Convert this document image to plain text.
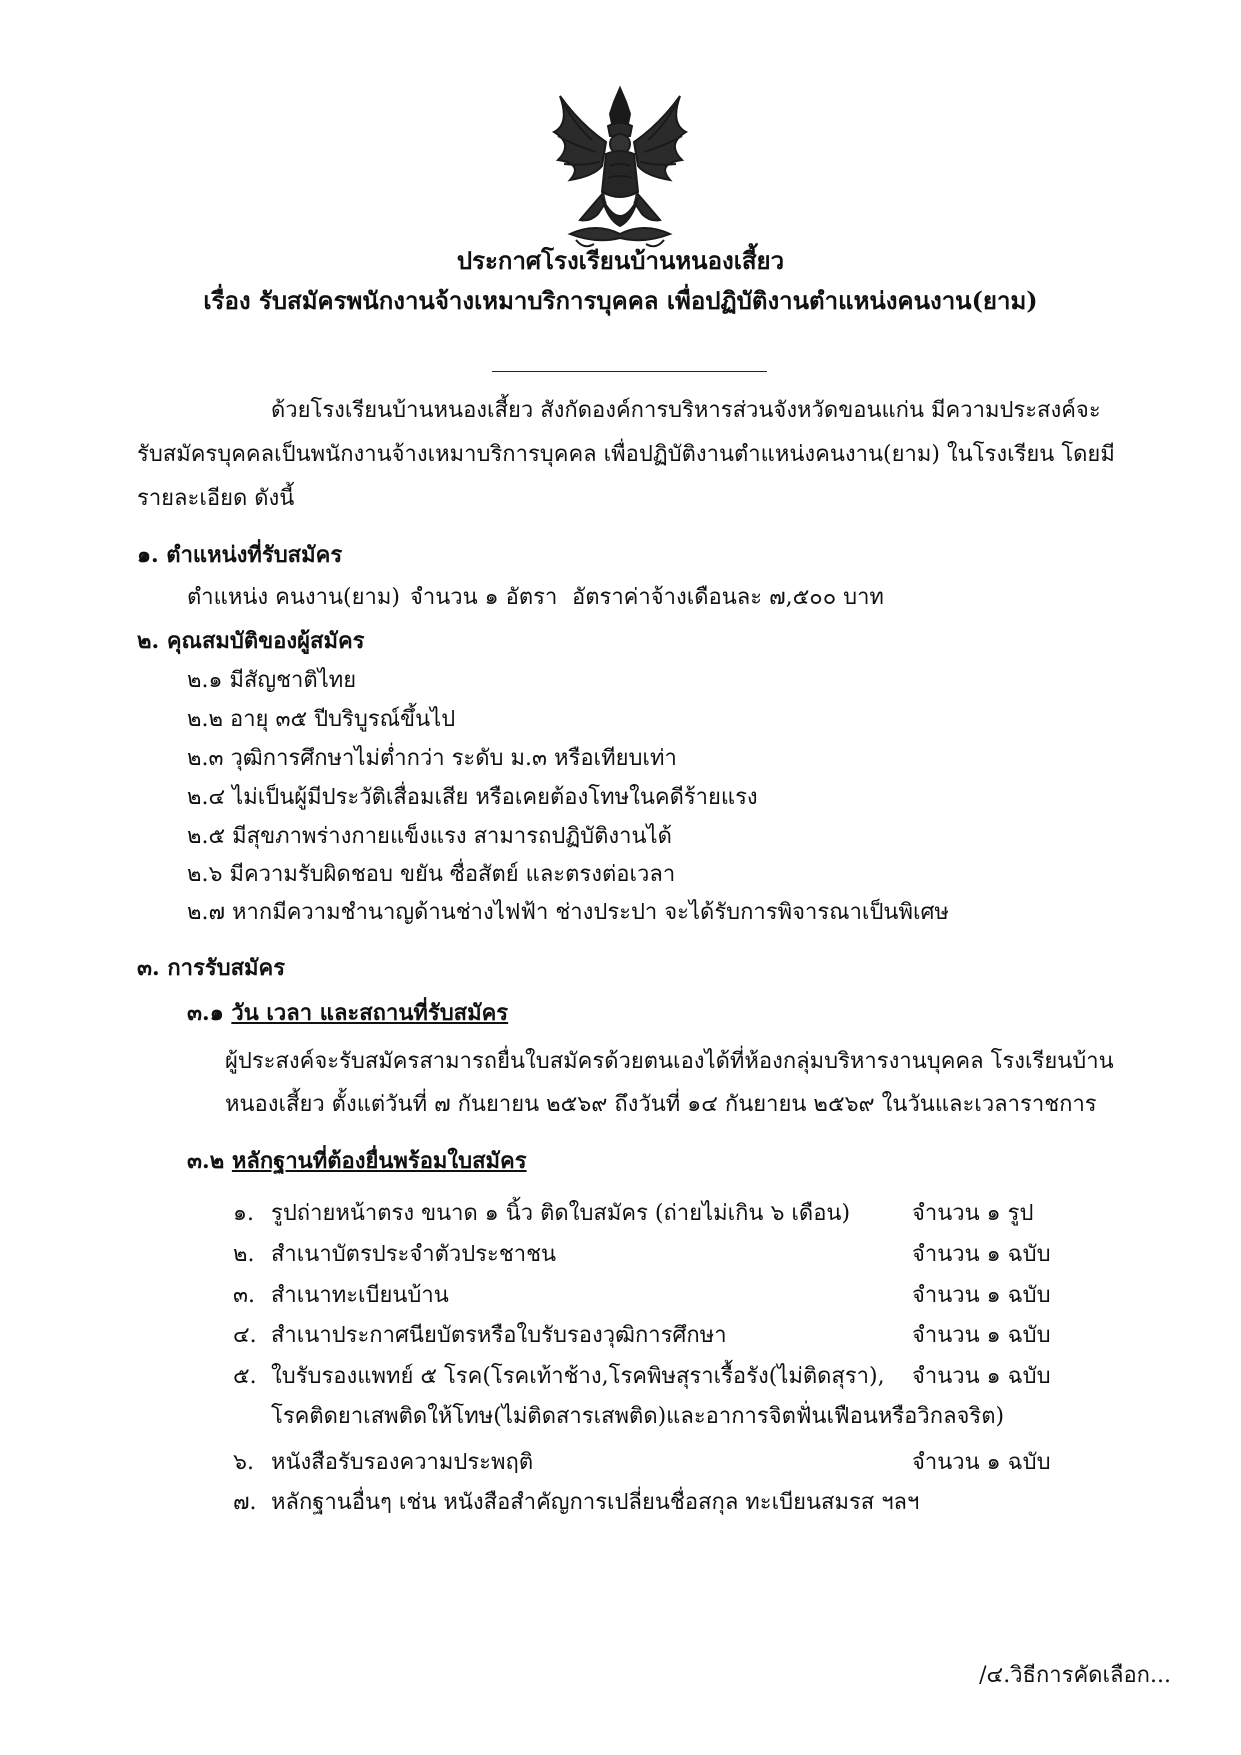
ประกาศโรงเรียนบ้านหนองเสี้ยว
เรื่อง รับสมัครพนักงานจ้างเหมาบริการบุคคล เพื่อปฏิบัติงานตำแหน่งคนงาน(ยาม)
ด้วยโรงเรียนบ้านหนองเสี้ยว สังกัดองค์การบริหารส่วนจังหวัดขอนแก่น มีความประสงค์จะ
รับสมัครบุคคลเป็นพนักงานจ้างเหมาบริการบุคคล เพื่อปฏิบัติงานตำแหน่งคนงาน(ยาม) ในโรงเรียน โดยมี
รายละเอียด ดังนี้
๑. ตำแหน่งที่รับสมัคร
ตำแหน่ง คนงาน(ยาม) จำนวน ๑ อัตรา อัตราค่าจ้างเดือนละ ๗,๕๐๐ บาท
๒. คุณสมบัติของผู้สมัคร
๒.๑ มีสัญชาติไทย
๒.๒ อายุ ๓๕ ปีบริบูรณ์ขึ้นไป
๒.๓ วุฒิการศึกษาไม่ต่ำกว่า ระดับ ม.๓ หรือเทียบเท่า
๒.๔ ไม่เป็นผู้มีประวัติเสื่อมเสีย หรือเคยต้องโทษในคดีร้ายแรง
๒.๕ มีสุขภาพร่างกายแข็งแรง สามารถปฏิบัติงานได้
๒.๖ มีความรับผิดชอบ ขยัน ซื่อสัตย์ และตรงต่อเวลา
๒.๗ หากมีความชำนาญด้านช่างไฟฟ้า ช่างประปา จะได้รับการพิจารณาเป็นพิเศษ
๓. การรับสมัคร
๓.๑ วัน เวลา และสถานที่รับสมัคร
ผู้ประสงค์จะรับสมัครสามารถยื่นใบสมัครด้วยตนเองได้ที่ห้องกลุ่มบริหารงานบุคคล โรงเรียนบ้าน
หนองเสี้ยว ตั้งแต่วันที่ ๗ กันยายน ๒๕๖๙ ถึงวันที่ ๑๔ กันยายน ๒๕๖๙ ในวันและเวลาราชการ
๓.๒ หลักฐานที่ต้องยื่นพร้อมใบสมัคร
๑. รูปถ่ายหน้าตรง ขนาด ๑ นิ้ว ติดใบสมัคร (ถ่ายไม่เกิน ๖ เดือน)	จำนวน ๑ รูป
๒. สำเนาบัตรประจำตัวประชาชน	จำนวน ๑ ฉบับ
๓. สำเนาทะเบียนบ้าน	จำนวน ๑ ฉบับ
๔. สำเนาประกาศนียบัตรหรือใบรับรองวุฒิการศึกษา	จำนวน ๑ ฉบับ
๕. ใบรับรองแพทย์ ๕ โรค(โรคเท้าช้าง,โรคพิษสุราเรื้อรัง(ไม่ติดสุรา), จำนวน ๑ ฉบับ
โรคติดยาเสพติดให้โทษ(ไม่ติดสารเสพติด)และอาการจิตฟั่นเฟือนหรือวิกลจริต)
๖. หนังสือรับรองความประพฤติ	จำนวน ๑ ฉบับ
๗. หลักฐานอื่นๆ เช่น หนังสือสำคัญการเปลี่ยนชื่อสกุล ทะเบียนสมรส ฯลฯ
/๔.วิธีการคัดเลือก...
